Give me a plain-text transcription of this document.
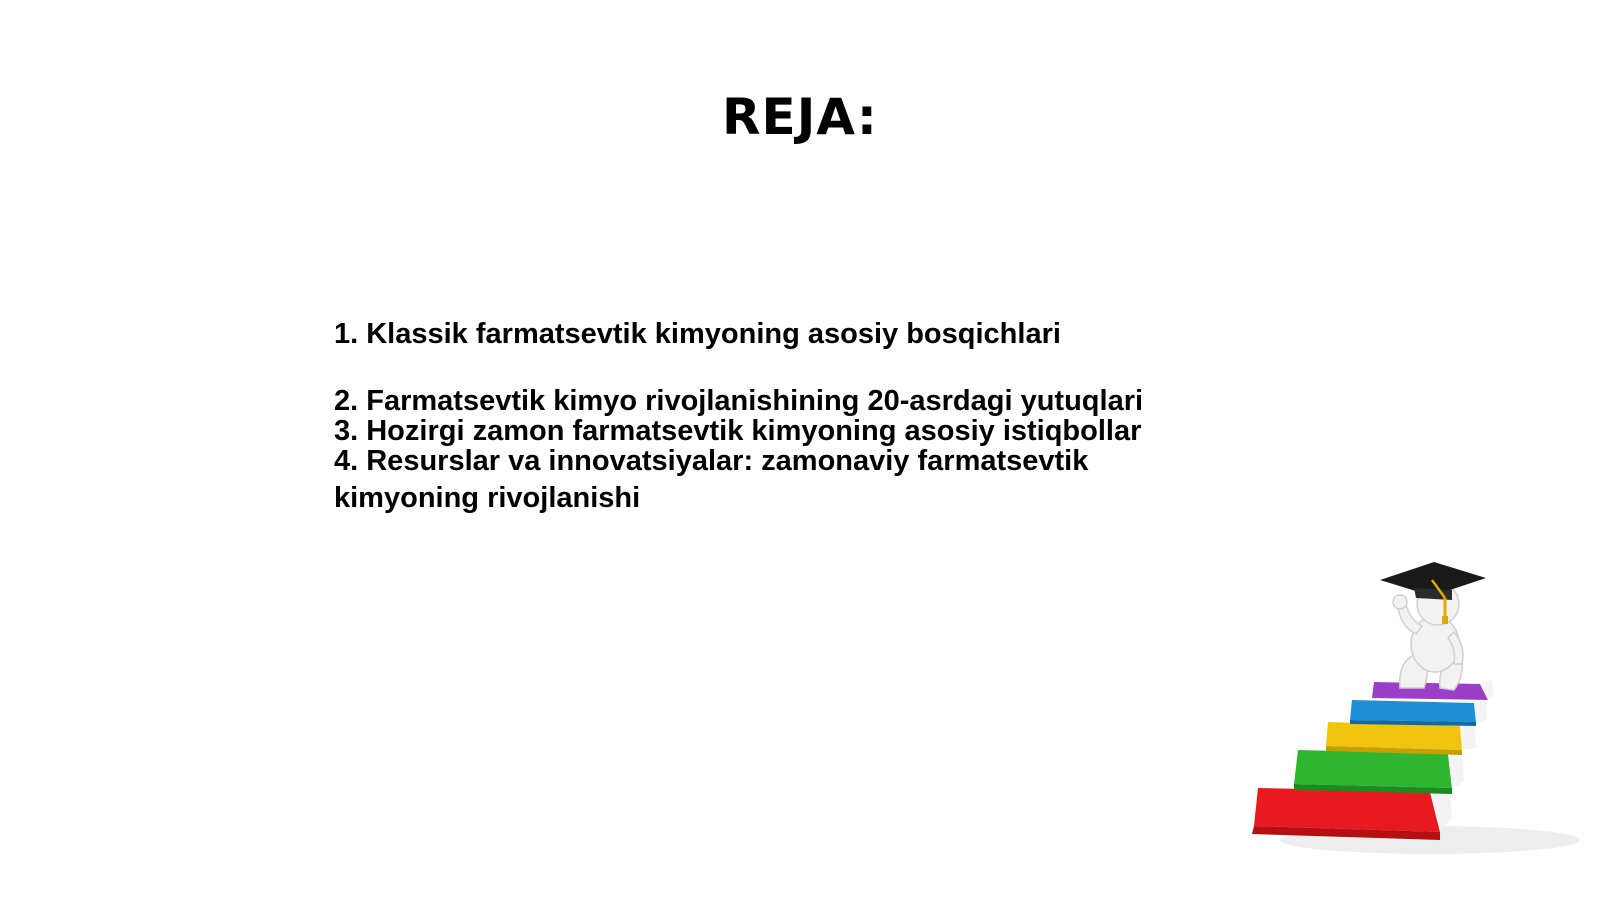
REJA:
1. Klassik farmatsevtik kimyoning asosiy bosqichlari
2. Farmatsevtik kimyo rivojlanishining 20-asrdagi yutuqlari
3. Hozirgi zamon farmatsevtik kimyoning asosiy istiqbollar
4. Resurslar va innovatsiyalar: zamonaviy farmatsevtik kimyoning rivojlanishi
